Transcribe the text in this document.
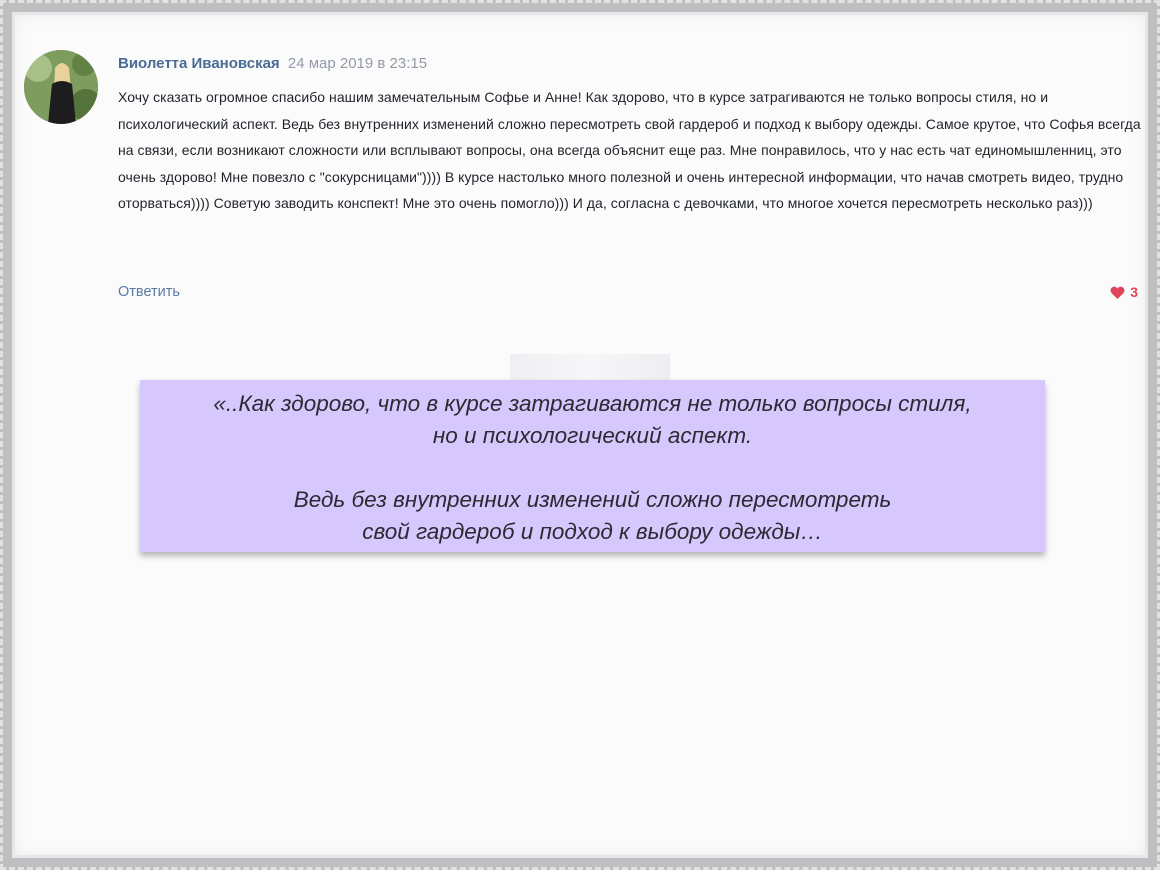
Виолетта Ивановская 24 мар 2019 в 23:15
Хочу сказать огромное спасибо нашим замечательным Софье и Анне! Как здорово, что в курсе затрагиваются не только вопросы стиля, но и психологический аспект. Ведь без внутренних изменений сложно пересмотреть свой гардероб и подход к выбору одежды. Самое крутое, что Софья всегда на связи, если возникают сложности или всплывают вопросы, она всегда объяснит еще раз. Мне понравилось, что у нас есть чат единомышленниц, это очень здорово! Мне повезло с "сокурсницами")))) В курсе настолько много полезной и очень интересной информации, что начав смотреть видео, трудно оторваться)))) Советую заводить конспект! Мне это очень помогло))) И да, согласна с девочками, что многое хочется пересмотреть несколько раз)))
Ответить	3
«..Как здорово, что в курсе затрагиваются не только вопросы стиля,
но и психологический аспект.
Ведь без внутренних изменений сложно пересмотреть
свой гардероб и подход к выбору одежды…
